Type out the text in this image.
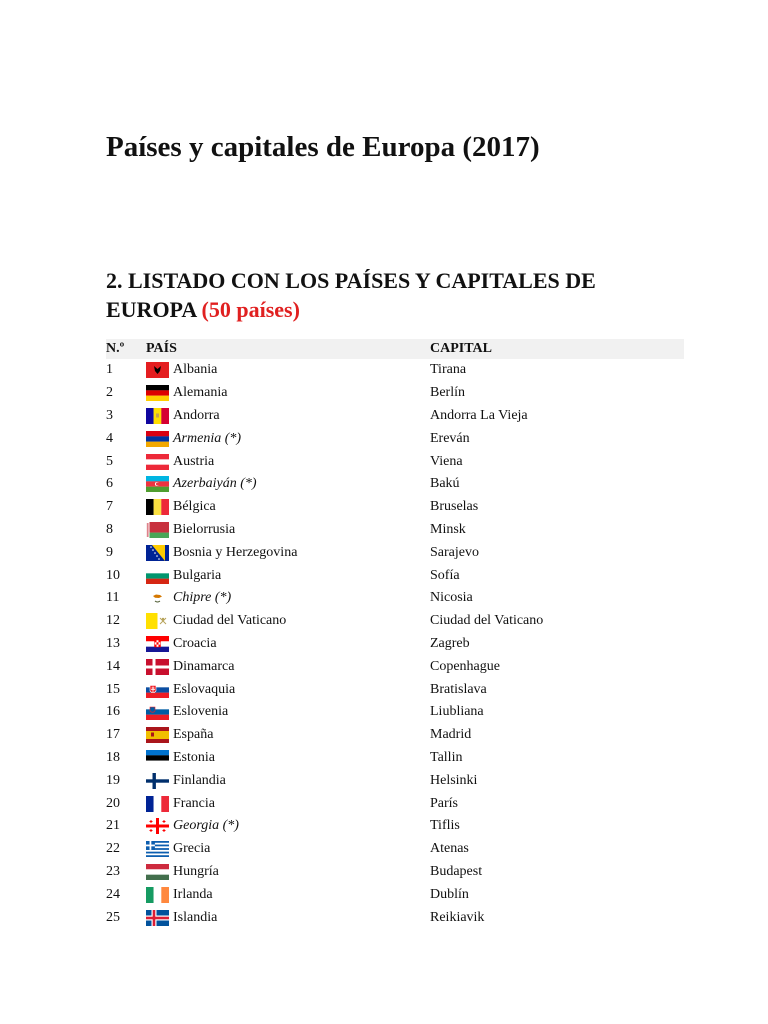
Países y capitales de Europa (2017)
2. LISTADO CON LOS PAÍSES Y CAPITALES DE EUROPA (50 países)
N.º	PAÍS	CAPITAL
1	Albania	Tirana
2	Alemania	Berlín
3	Andorra	Andorra La Vieja
4	Armenia (*)	Ereván
5	Austria	Viena
6	Azerbaiyán (*)	Bakú
7	Bélgica	Bruselas
8	Bielorrusia	Minsk
9	Bosnia y Herzegovina	Sarajevo
10	Bulgaria	Sofía
11	Chipre (*)	Nicosia
12	Ciudad del Vaticano	Ciudad del Vaticano
13	Croacia	Zagreb
14	Dinamarca	Copenhague
15	Eslovaquia	Bratislava
16	Eslovenia	Liubliana
17	España	Madrid
18	Estonia	Tallin
19	Finlandia	Helsinki
20	Francia	París
21	Georgia (*)	Tiflis
22	Grecia	Atenas
23	Hungría	Budapest
24	Irlanda	Dublín
25	Islandia	Reikiavik
